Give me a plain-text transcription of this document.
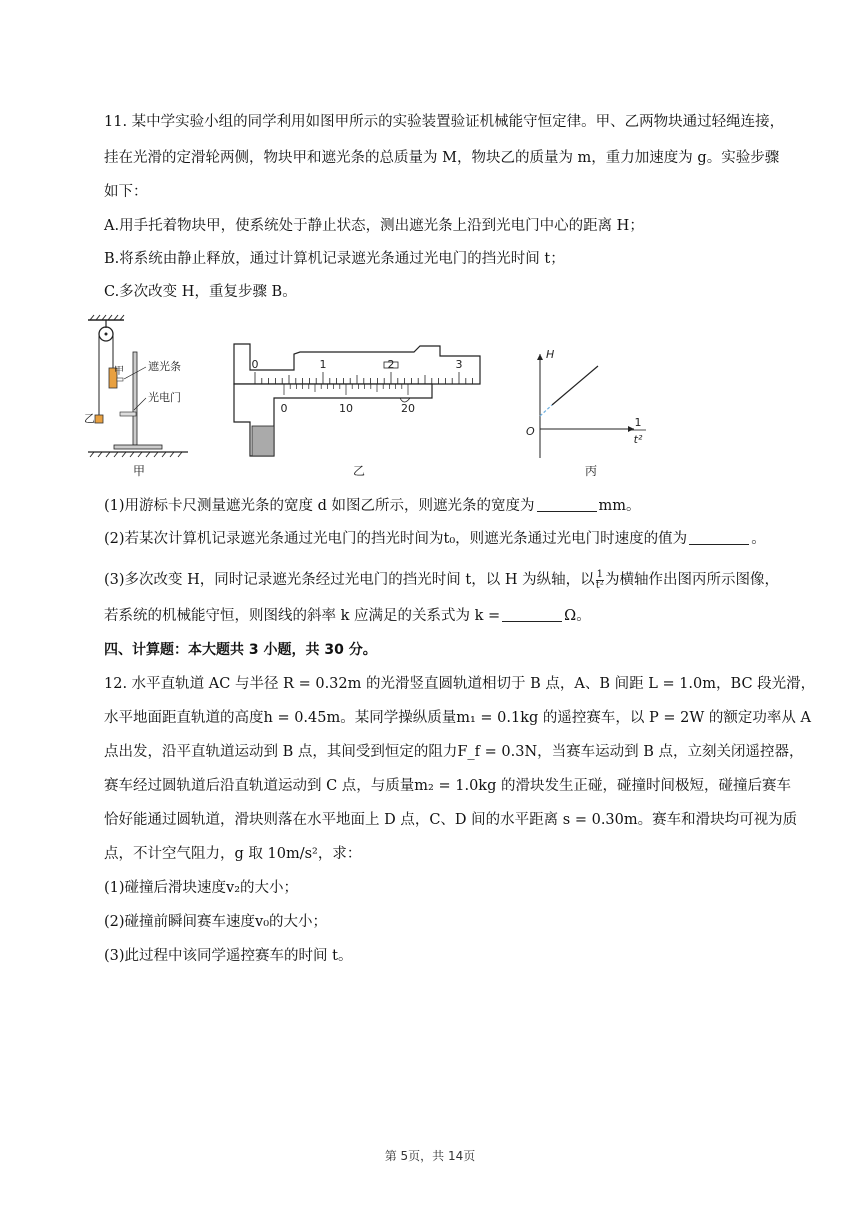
11. 某中学实验小组的同学利用如图甲所示的实验装置验证机械能守恒定律。甲、乙两物块通过轻绳连接，
挂在光滑的定滑轮两侧，物块甲和遮光条的总质量为 M，物块乙的质量为 m，重力加速度为 g。实验步骤
如下：
A.用手托着物块甲，使系统处于静止状态，测出遮光条上沿到光电门中心的距离 H；
B.将系统由静止释放，通过计算机记录遮光条通过光电门的挡光时间 t；
C.多次改变 H，重复步骤 B。
遮光条
光电门
甲
乙
甲
0	1	2	3
0	10	20
乙
H
O
1
t²
丙
(1)用游标卡尺测量遮光条的宽度 d 如图乙所示，则遮光条的宽度为	mm。
(2)若某次计算机记录遮光条通过光电门的挡光时间为t₀，则遮光条通过光电门时速度的值为	。
(3)多次改变 H，同时记录遮光条经过光电门的挡光时间 t，以 H 为纵轴，以 $\frac{1}{\text{t²}}$ 为横轴作出图丙所示图像，
若系统的机械能守恒，则图线的斜率 k 应满足的关系式为 k =	Ω。
四、计算题：本大题共 3 小题，共 30 分。
12. 水平直轨道 AC 与半径 R = 0.32m 的光滑竖直圆轨道相切于 B 点，A、B 间距 L = 1.0m，BC 段光滑，
水平地面距直轨道的高度h = 0.45m。某同学操纵质量m₁ = 0.1kg 的遥控赛车，以 P = 2W 的额定功率从 A
点出发，沿平直轨道运动到 B 点，其间受到恒定的阻力F_f = 0.3N，当赛车运动到 B 点，立刻关闭遥控器，
赛车经过圆轨道后沿直轨道运动到 C 点，与质量m₂ = 1.0kg 的滑块发生正碰，碰撞时间极短，碰撞后赛车
恰好能通过圆轨道，滑块则落在水平地面上 D 点，C、D 间的水平距离 s = 0.30m。赛车和滑块均可视为质
点，不计空气阻力，g 取 10m/s²，求：
(1)碰撞后滑块速度v₂的大小；
(2)碰撞前瞬间赛车速度v₀的大小；
(3)此过程中该同学遥控赛车的时间 t。
第 5页，共 14页
